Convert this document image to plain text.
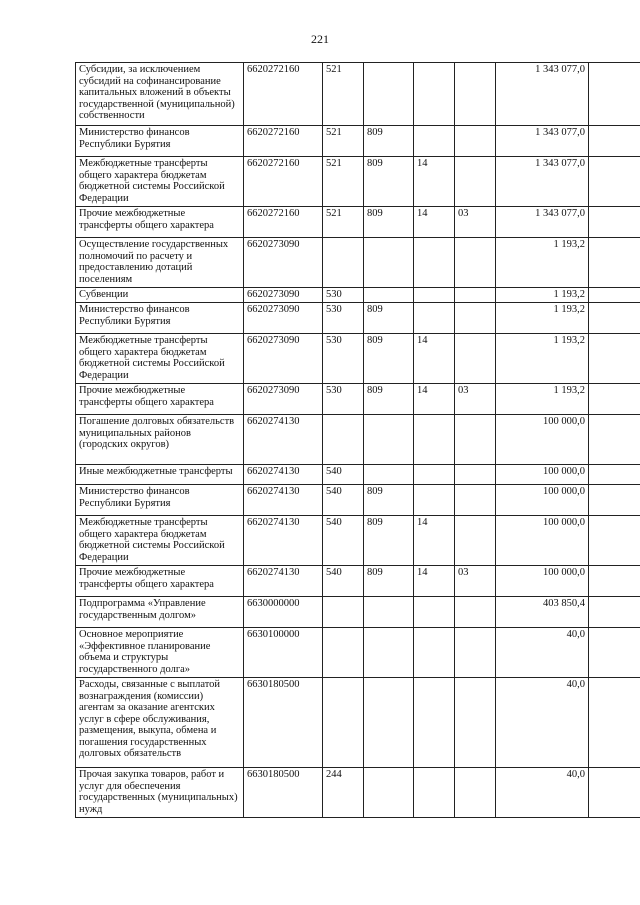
221
Субсидии, за исключением субсидий на софинансирование капитальных вложений в объекты государственной (муниципальной) собственности	6620272160	521				1 343 077,0	
Министерство финансов Республики Бурятия	6620272160	521	809			1 343 077,0	
Межбюджетные трансферты общего характера бюджетам бюджетной системы Российской Федерации	6620272160	521	809	14		1 343 077,0	
Прочие межбюджетные трансферты общего характера	6620272160	521	809	14	03	1 343 077,0	
Осуществление государственных полномочий по расчету и предоставлению дотаций поселениям	6620273090					1 193,2	
Субвенции	6620273090	530				1 193,2	
Министерство финансов Республики Бурятия	6620273090	530	809			1 193,2	
Межбюджетные трансферты общего характера бюджетам бюджетной системы Российской Федерации	6620273090	530	809	14		1 193,2	
Прочие межбюджетные трансферты общего характера	6620273090	530	809	14	03	1 193,2	
Погашение долговых обязательств муниципальных районов (городских округов)	6620274130					100 000,0	
Иные межбюджетные трансферты	6620274130	540				100 000,0	
Министерство финансов Республики Бурятия	6620274130	540	809			100 000,0	
Межбюджетные трансферты общего характера бюджетам бюджетной системы Российской Федерации	6620274130	540	809	14		100 000,0	
Прочие межбюджетные трансферты общего характера	6620274130	540	809	14	03	100 000,0	
Подпрограмма «Управление государственным долгом»	6630000000					403 850,4	
Основное мероприятие «Эффективное планирование объема и структуры государственного долга»	6630100000					40,0	
Расходы, связанные с выплатой вознаграждения (комиссии) агентам за оказание агентских услуг в сфере обслуживания, размещения, выкупа, обмена и погашения государственных долговых обязательств	6630180500					40,0	
Прочая закупка товаров, работ и услуг для обеспечения государственных (муниципальных) нужд	6630180500	244				40,0	
